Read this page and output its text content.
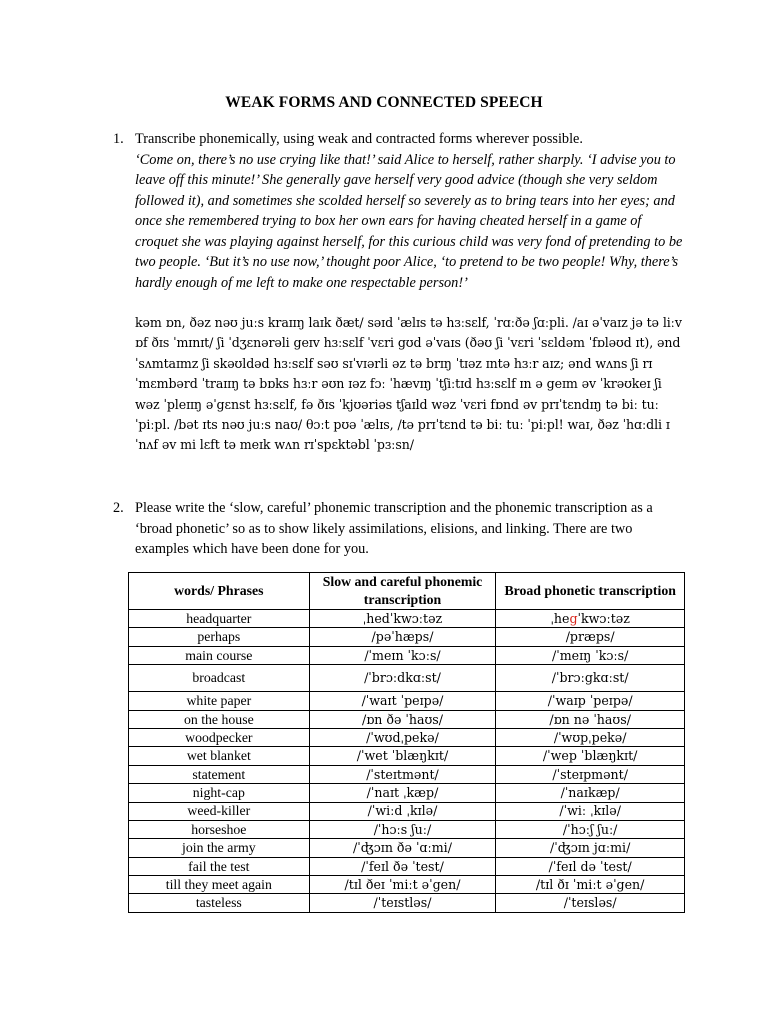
WEAK FORMS AND CONNECTED SPEECH
1. Transcribe phonemically, using weak and contracted forms wherever possible.
‘Come on, there’s no use crying like that!’ said Alice to herself, rather sharply. ‘I advise you to leave off this minute!’ She generally gave herself very good advice (though she very seldom followed it), and sometimes she scolded herself so severely as to bring tears into her eyes; and once she remembered trying to box her own ears for having cheated herself in a game of croquet she was playing against herself, for this curious child was very fond of pretending to be two people. ‘But it’s no use now,’ thought poor Alice, ‘to pretend to be two people! Why, there’s hardly enough of me left to make one respectable person!’
kəm ɒn, ðəz nəʊ juːs kraɪɪŋ laɪk ðæt/ səɪd ˈælɪs tə hɜːsɛlf, ˈrɑːðə ʃɑːpli. /aɪ əˈvaɪz jə tə liːv ɒf ðɪs ˈmɪnɪt/ ʃi ˈdʒɛnərəli geɪv hɜːsɛlf ˈvɛri gʊd əˈvaɪs (ðəʊ ʃi ˈvɛri ˈsɛldəm ˈfɒləʊd ɪt), ənd ˈsʌmtaɪmz ʃi skəʊldəd hɜːsɛlf səʊ sɪˈvɪərli əz tə brɪŋ ˈtɪəz ɪntə hɜːr aɪz; ənd wʌns ʃi rɪˈmɛmbərd ˈtraɪɪŋ tə bɒks hɜːr əʊn ɪəz fɔː ˈhævɪŋ ˈtʃiːtɪd hɜːsɛlf ɪn ə geɪm əv ˈkrəʊkeɪ ʃi wəz ˈpleɪɪŋ əˈgɛnst hɜːsɛlf, fə ðɪs ˈkjʊəriəs tʃaɪld wəz ˈvɛri fɒnd əv prɪˈtɛndɪŋ tə biː tuː ˈpiːpl. /bət ɪts nəʊ juːs naʊ/ θɔːt pʊə ˈælɪs, /tə prɪˈtɛnd tə biː tuː ˈpiːpl! waɪ, ðəz ˈhɑːdli ɪ ˈnʌf əv mi lɛft tə meɪk wʌn rɪˈspɛktəbl ˈpɜːsn/
2. Please write the ‘slow, careful’ phonemic transcription and the phonemic transcription as a ‘broad phonetic’ so as to show likely assimilations, elisions, and linking. There are two examples which have been done for you.
words/ Phrases	Slow and careful phonemic transcription	Broad phonetic transcription
headquarter	ˌhedˈkwɔːtəz	ˌhegˈkwɔːtəz
perhaps	/pəˈhæps/	/præps/
main course	/ˈmeɪn ˈkɔːs/	/ˈmeɪŋ ˈkɔːs/
broadcast	/ˈbrɔːdkɑːst/	/ˈbrɔːgkɑːst/
white paper	/ˈwaɪt ˈpeɪpə/	/ˈwaɪp ˈpeɪpə/
on the house	/ɒn ðə ˈhaʊs/	/ɒn nə ˈhaʊs/
woodpecker	/ˈwʊdˌpekə/	/ˈwʊpˌpekə/
wet blanket	/ˈwet ˈblæŋkɪt/	/ˈwep ˈblæŋkɪt/
statement	/ˈsteɪtmənt/	/ˈsteɪpmənt/
night-cap	/ˈnaɪt ˌkæp/	/ˈnaɪkæp/
weed-killer	/ˈwiːd ˌkɪlə/	/ˈwiː ˌkɪlə/
horseshoe	/ˈhɔːs ʃuː/	/ˈhɔːʃ ʃuː/
join the army	/ˈʤɔɪn ðə ˈɑːmi/	/ˈʤɔɪn jɑːmi/
fail the test	/ˈfeɪl ðə ˈtest/	/ˈfeɪl də ˈtest/
till they meet again	/tɪl ðeɪ ˈmiːt əˈgen/	/tɪl ðɪ ˈmiːt əˈgen/
tasteless	/ˈteɪstləs/	/ˈteɪsləs/
